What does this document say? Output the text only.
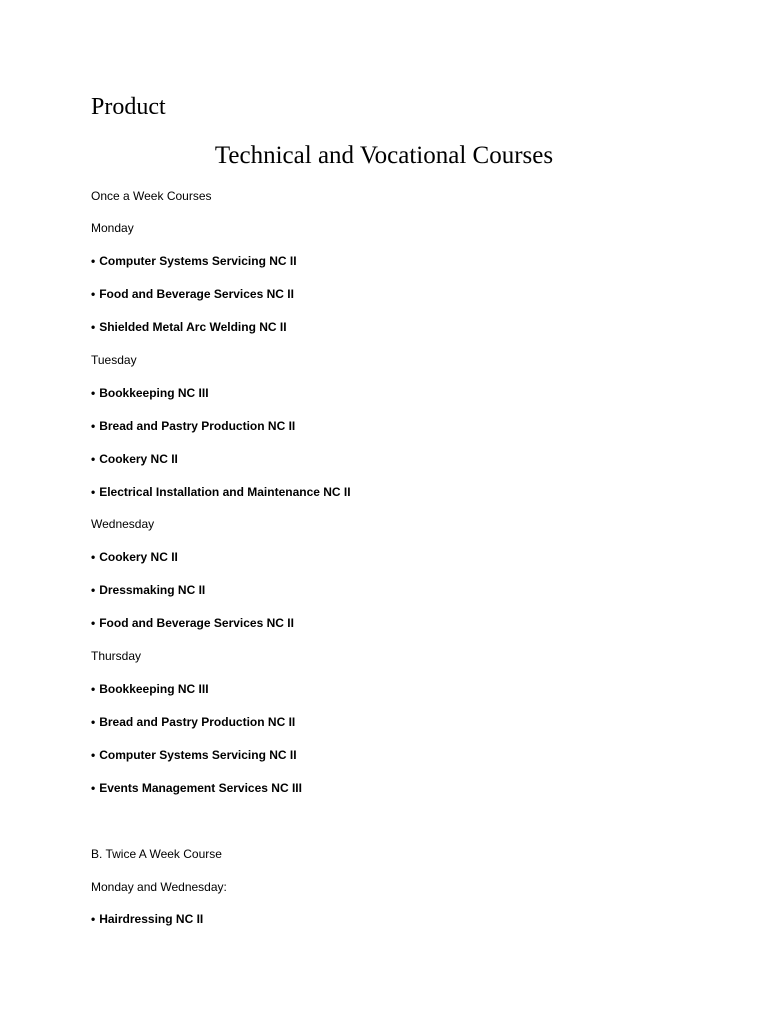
Product
Technical and Vocational Courses
Once a Week Courses
Monday
• Computer Systems Servicing NC II
• Food and Beverage Services NC II
• Shielded Metal Arc Welding NC II
Tuesday
• Bookkeeping NC III
• Bread and Pastry Production NC II
• Cookery NC II
• Electrical Installation and Maintenance NC II
Wednesday
• Cookery NC II
• Dressmaking NC II
• Food and Beverage Services NC II
Thursday
• Bookkeeping NC III
• Bread and Pastry Production NC II
• Computer Systems Servicing NC II
• Events Management Services NC III
B. Twice A Week Course
Monday and Wednesday:
• Hairdressing NC II
